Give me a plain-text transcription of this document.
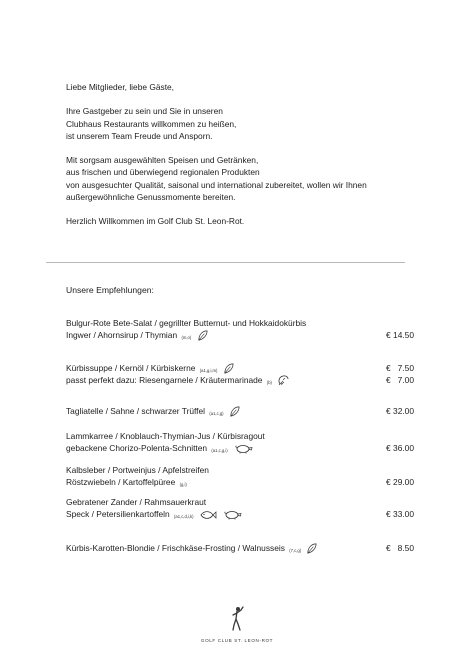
Liebe Mitglieder, liebe Gäste,

Ihre Gastgeber zu sein und Sie in unseren
Clubhaus Restaurants willkommen zu heißen,
ist unserem Team Freude und Ansporn.

Mit sorgsam ausgewählten Speisen und Getränken,
aus frischen und überwiegend regionalen Produkten
von ausgesuchter Qualität, saisonal und international zubereitet, wollen wir Ihnen
außergewöhnliche Genussmomente bereiten.

Herzlich Willkommen im Golf Club St. Leon-Rot.

Unsere Empfehlungen:
Bulgur-Rote Bete-Salat / gegrillter Butternut- und Hokkaidokürbis
Ingwer / Ahornsirup / Thymian (m,o)	€ 14.50
Kürbissuppe / Kernöl / Kürbiskerne (a1,g,i,m)	€   7.50
passt perfekt dazu: Riesengarnele / Kräutermarinade (b)	€   7.00
Tagliatelle / Sahne / schwarzer Trüffel (a1,c,g)	€ 32.00
Lammkarree / Knoblauch-Thymian-Jus / Kürbisragout
gebackene Chorizo-Polenta-Schnitten (a1,c,g,i)	€ 36.00
Kalbsleber / Portweinjus / Apfelstreifen
Röstzwiebeln / Kartoffelpüree (g,i)	€ 29.00
Gebratener Zander / Rahmsauerkraut
Speck / Petersilienkartoffeln (a1,c,d,i,k)	€ 33.00
Kürbis-Karotten-Blondie / Frischkäse-Frosting / Walnusseis (7,c,g)	€   8.50
GOLF CLUB ST. LEON-ROT
